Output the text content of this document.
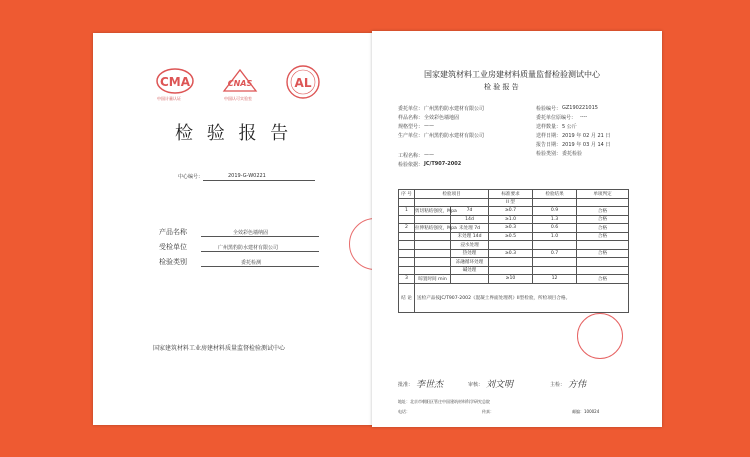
CMA
中国计量认证
CNAS
中国认可实验室
AL
检 验 报 告
中心编号：	2019-G-W0221
产品名称	全效彩色墙纳固
受检单位	广州黑豹防水建材有限公司
检验类别	委托检测
国家建筑材料工业房建材料质量监督检验测试中心
国家建筑材料工业房建材料质量监督检验测试中心
检 验 报 告
委托单位： 广州黑豹防水建材有限公司
样品名称： 全效彩色墙地固
规格型号： ——
生产单位： 广州黑豹防水建材有限公司
检验编号： GZ190221015
委托单位原编号： ----
送样数量： 5 公斤
送样日期： 2019 年 02 月 21 日
报告日期： 2019 年 03 月 14 日
检验类别： 委托检验
工程名称： ——
检验依据： JC/T907-2002
序 号	检验项目		标准要求	检验结果	单项判定
			II 型		
1	剪切粘结强度，Mpa	7d	≥0.7	0.9	合格
		14d	≥1.0	1.3	合格
2	拉伸粘结强度，Mpa	未处理 7d	≥0.3	0.6	合格
		未处理 14d	≥0.5	1.0	合格
		浸水处理			
		热处理	≥0.3	0.7	合格
		冻融循环处理			
		碱处理			
3	晾置时间 min		≥10	12	合格
结 论	送检产品按JC/T907-2002《混凝土界面处理剂》II型检验，所检项目合格。				
批准： 李世杰	审核： 刘文明	主检： 方伟
地址：北京市朝阳区管庄中国建筑材料科学研究总院
电话：	传真：	邮编：100024
